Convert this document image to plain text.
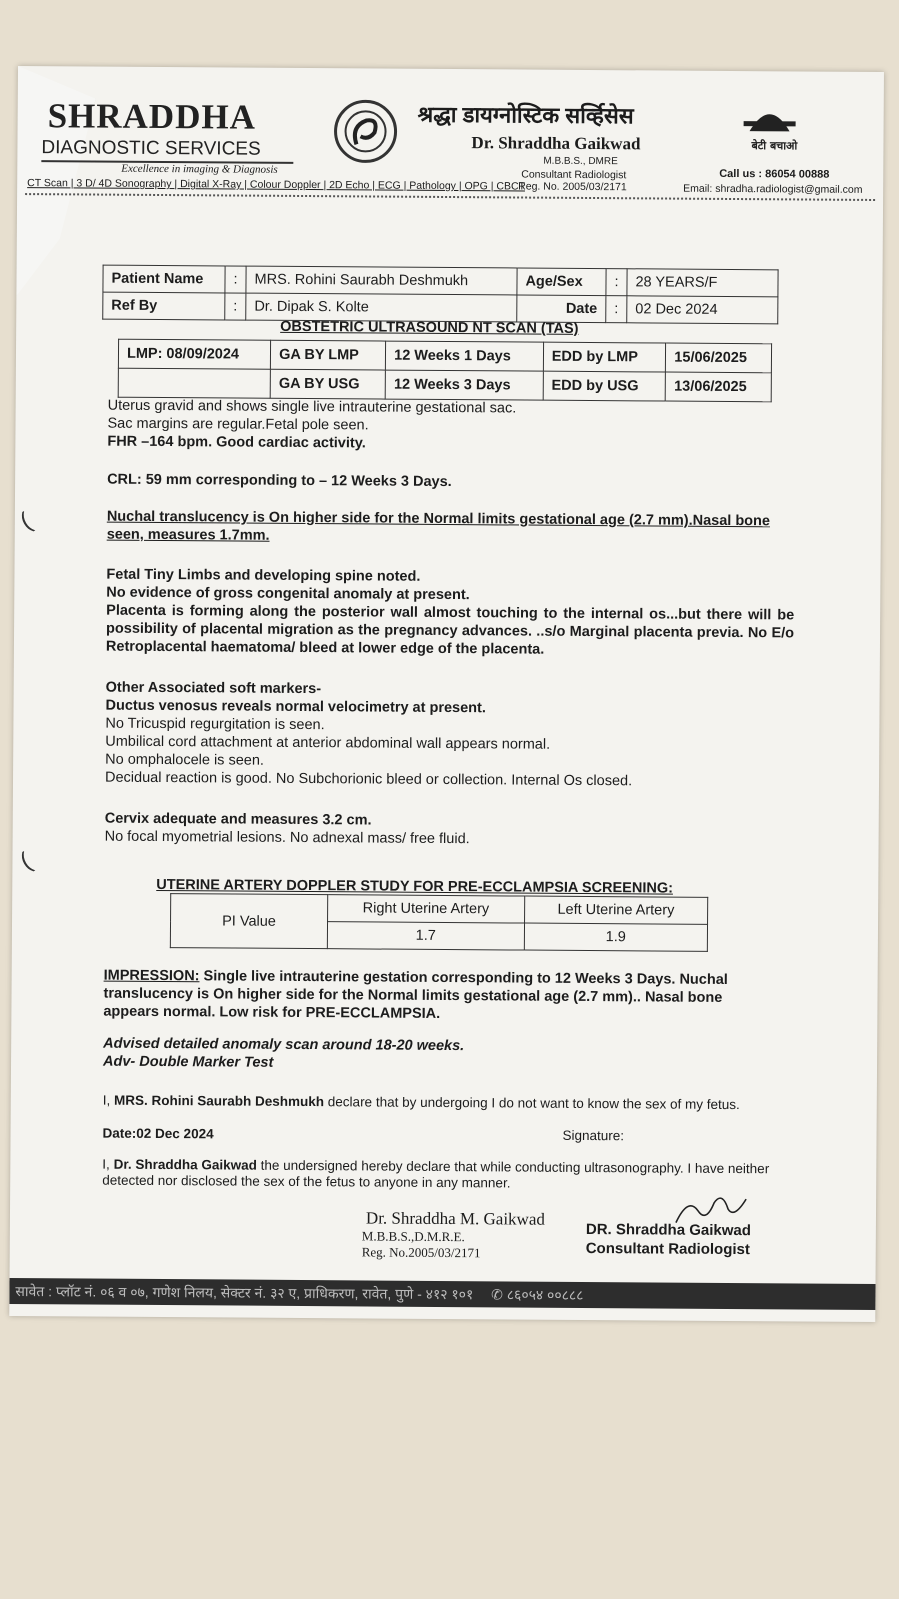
SHRADDHA
DIAGNOSTIC SERVICES
Excellence in imaging & Diagnosis
CT Scan | 3 D/ 4D Sonography | Digital X-Ray | Colour Doppler | 2D Echo | ECG | Pathology | OPG | CBCT
श्रद्धा डायग्नोस्टिक सर्व्हिसेस
Dr. Shraddha Gaikwad
M.B.B.S., DMRE
Consultant Radiologist
Reg. No. 2005/03/2171
बेटी बचाओ
Call us : 86054 00888
Email: shradha.radiologist@gmail.com
Patient Name	:	MRS. Rohini Saurabh Deshmukh	Age/Sex	:	28 YEARS/F
Ref By	:	Dr. Dipak S. Kolte	Date	:	02 Dec 2024
OBSTETRIC ULTRASOUND NT SCAN (TAS)
LMP: 08/09/2024	GA BY LMP	12 Weeks 1 Days	EDD by LMP	15/06/2025
	GA BY USG	12 Weeks 3 Days	EDD by USG	13/06/2025
Uterus gravid and shows single live intrauterine gestational sac.
Sac margins are regular.Fetal pole seen.
FHR –164 bpm. Good cardiac activity.
CRL: 59 mm corresponding to – 12 Weeks 3 Days.
Nuchal translucency is On higher side for the Normal limits gestational age (2.7 mm).Nasal bone seen, measures 1.7mm.
Fetal Tiny Limbs and developing spine noted.
No evidence of gross congenital anomaly at present.
Placenta is forming along the posterior wall almost touching to the internal os...but there will be possibility of placental migration as the pregnancy advances. ..s/o Marginal placenta previa. No E/o Retroplacental haematoma/ bleed at lower edge of the placenta.
Other Associated soft markers-
Ductus venosus reveals normal velocimetry at present.
No Tricuspid regurgitation is seen.
Umbilical cord attachment at anterior abdominal wall appears normal.
No omphalocele is seen.
Decidual reaction is good. No Subchorionic bleed or collection. Internal Os closed.
Cervix adequate and measures 3.2 cm.
No focal myometrial lesions. No adnexal mass/ free fluid.
UTERINE ARTERY DOPPLER STUDY FOR PRE-ECCLAMPSIA SCREENING:
PI Value	Right Uterine Artery	Left Uterine Artery
	1.7	1.9
IMPRESSION: Single live intrauterine gestation corresponding to 12 Weeks 3 Days. Nuchal translucency is On higher side for the Normal limits gestational age (2.7 mm).. Nasal bone appears normal. Low risk for PRE-ECCLAMPSIA.
Advised detailed anomaly scan around 18-20 weeks.
Adv- Double Marker Test
I, MRS. Rohini Saurabh Deshmukh declare that by undergoing I do not want to know the sex of my fetus.
Date:02 Dec 2024	Signature:
I, Dr. Shraddha Gaikwad the undersigned hereby declare that while conducting ultrasonography. I have neither detected nor disclosed the sex of the fetus to anyone in any manner.
Dr. Shraddha M. Gaikwad
M.B.B.S.,D.M.R.E.
Reg. No.2005/03/2171
DR. Shraddha Gaikwad
Consultant Radiologist
सावेत : प्लॉट नं. ०६ व ०७, गणेश निलय, सेक्टर नं. ३२ ए, प्राधिकरण, रावेत, पुणे - ४१२ १०१ ✆ ८६०५४ ००८८८
(
(
